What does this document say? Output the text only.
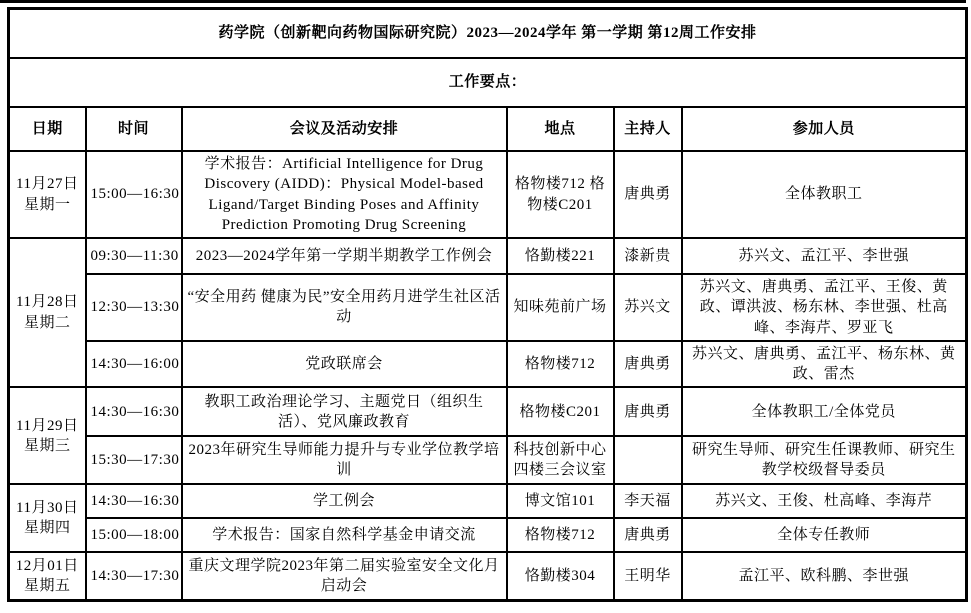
药学院（创新靶向药物国际研究院）2023—2024学年 第一学期 第12周工作安排					
工作要点：					
日期	时间	会议及活动安排	地点	主持人	参加人员

11月27日
星期一	15:00—16:30	学术报告：Artificial Intelligence for Drug Discovery (AIDD)：Physical Model-based Ligand/Target Binding Poses and Affinity Prediction Promoting Drug Screening	格物楼712 格物楼C201	唐典勇	全体教职工

11月28日
星期二	09:30—11:30	2023—2024学年第一学期半期教学工作例会	恪勤楼221	漆新贵	苏兴文、孟江平、李世强
	12:30—13:30	“安全用药 健康为民”安全用药月进学生社区活动	知味苑前广场	苏兴文	苏兴文、唐典勇、孟江平、王俊、黄政、谭洪波、杨东林、李世强、杜高峰、李海芹、罗亚飞
	14:30—16:00	党政联席会	格物楼712	唐典勇	苏兴文、唐典勇、孟江平、杨东林、黄政、雷杰

11月29日
星期三	14:30—16:30	教职工政治理论学习、主题党日（组织生活）、党风廉政教育	格物楼C201	唐典勇	全体教职工/全体党员
	15:30—17:30	2023年研究生导师能力提升与专业学位教学培训	科技创新中心四楼三会议室		研究生导师、研究生任课教师、研究生教学校级督导委员

11月30日
星期四	14:30—16:30	学工例会	博文馆101	李天福	苏兴文、王俊、杜高峰、李海芹
	15:00—18:00	学术报告：国家自然科学基金申请交流	格物楼712	唐典勇	全体专任教师

12月01日
星期五	14:30—17:30	重庆文理学院2023年第二届实验室安全文化月启动会	恪勤楼304	王明华	孟江平、欧科鹏、李世强
